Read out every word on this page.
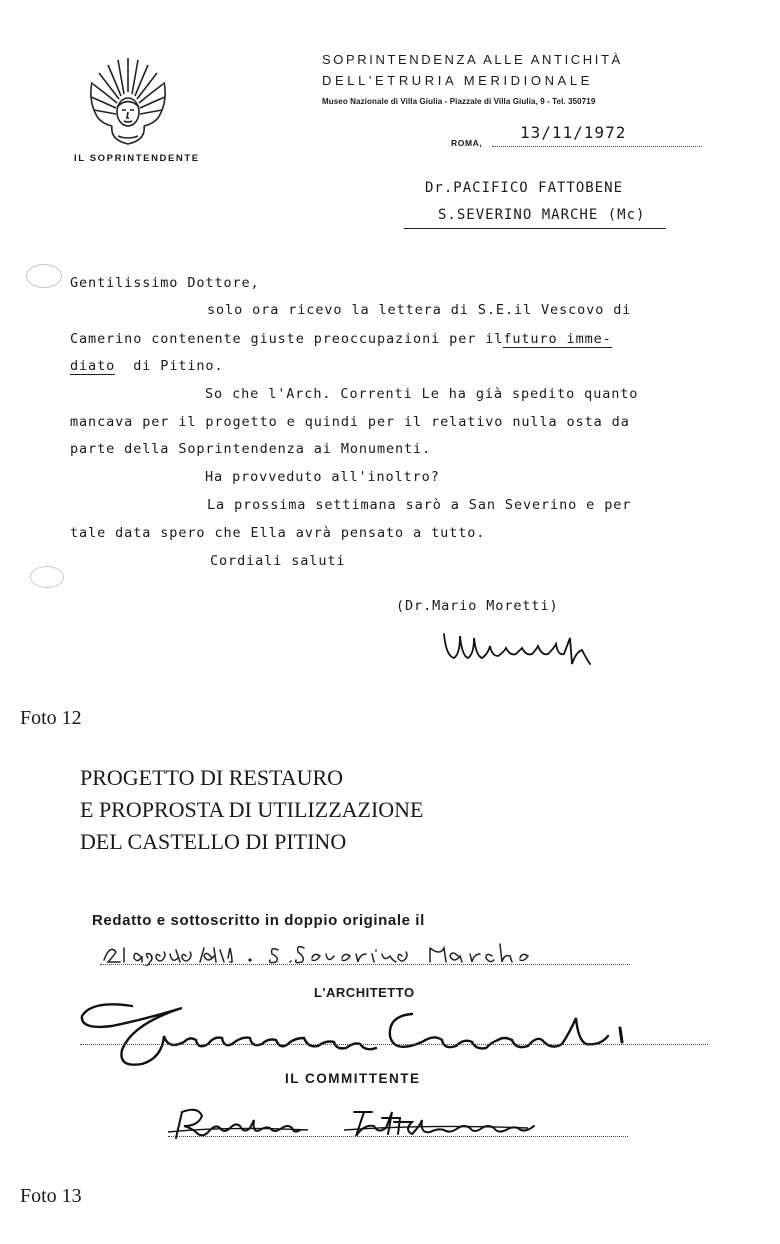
IL SOPRINTENDENTE
SOPRINTENDENZA ALLE ANTICHITÀ
DELL'ETRURIA MERIDIONALE
Museo Nazionale di Villa Giulia - Piazzale di Villa Giulia, 9 - Tel. 350719
ROMA,
13/11/1972
Dr.PACIFICO FATTOBENE
S.SEVERINO MARCHE (Mc)
Gentilissimo Dottore,
solo ora ricevo la lettera di S.E.il Vescovo di
Camerino contenente giuste preoccupazioni per ilfuturo imme-
diato di Pitino.
So che l'Arch. Correnti Le ha già spedito quanto
mancava per il progetto e quindi per il relativo nulla osta da
parte della Soprintendenza ai Monumenti.
Ha provveduto all'inoltro?
La prossima settimana sarò a San Severino e per
tale data spero che Ella avrà pensato a tutto.
Cordiali saluti
(Dr.Mario Moretti)
Foto 12
PROGETTO DI RESTAURO
E PROPROSTA DI UTILIZZAZIONE
DEL CASTELLO DI PITINO
Redatto e sottoscritto in doppio originale il
L'ARCHITETTO
IL COMMITTENTE
Foto 13
